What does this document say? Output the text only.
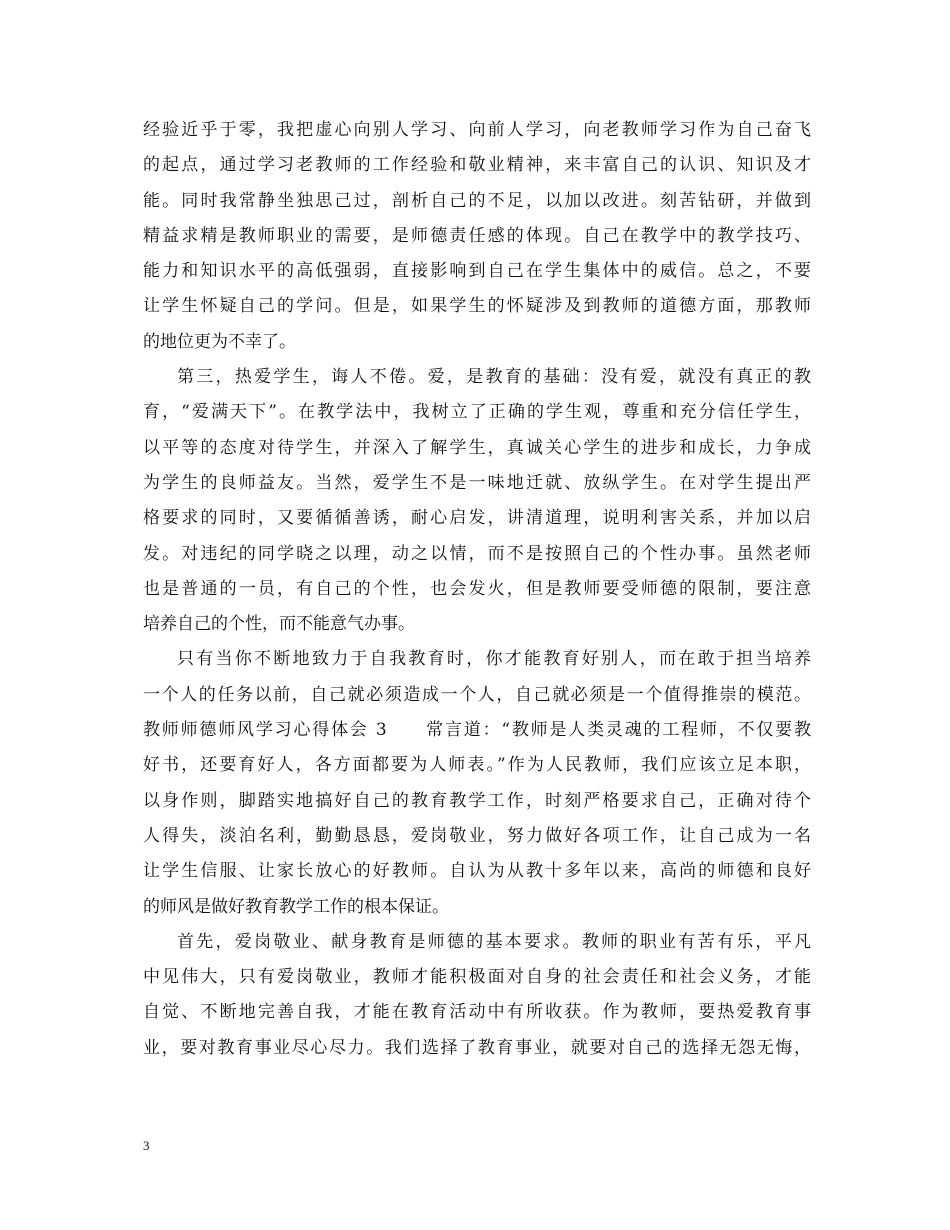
经验近乎于零，我把虚心向别人学习、向前人学习，向老教师学习作为自己奋飞
的起点，通过学习老教师的工作经验和敬业精神，来丰富自己的认识、知识及才
能。同时我常静坐独思己过，剖析自己的不足，以加以改进。刻苦钻研，并做到
精益求精是教师职业的需要，是师德责任感的体现。自己在教学中的教学技巧、
能力和知识水平的高低强弱，直接影响到自己在学生集体中的威信。总之，不要
让学生怀疑自己的学问。但是，如果学生的怀疑涉及到教师的道德方面，那教师
的地位更为不幸了。
第三，热爱学生，诲人不倦。爱，是教育的基础：没有爱，就没有真正的教
育，“爱满天下”。在教学法中，我树立了正确的学生观，尊重和充分信任学生，
以平等的态度对待学生，并深入了解学生，真诚关心学生的进步和成长，力争成
为学生的良师益友。当然，爱学生不是一味地迁就、放纵学生。在对学生提出严
格要求的同时，又要循循善诱，耐心启发，讲清道理，说明利害关系，并加以启
发。对违纪的同学晓之以理，动之以情，而不是按照自己的个性办事。虽然老师
也是普通的一员，有自己的个性，也会发火，但是教师要受师德的限制，要注意
培养自己的个性，而不能意气办事。
只有当你不断地致力于自我教育时，你才能教育好别人，而在敢于担当培养
一个人的任务以前，自己就必须造成一个人，自己就必须是一个值得推崇的模范。
教师师德师风学习心得体会 3　　常言道：“教师是人类灵魂的工程师，不仅要教
好书，还要育好人，各方面都要为人师表。”作为人民教师，我们应该立足本职，
以身作则，脚踏实地搞好自己的教育教学工作，时刻严格要求自己，正确对待个
人得失，淡泊名利，勤勤恳恳，爱岗敬业，努力做好各项工作，让自己成为一名
让学生信服、让家长放心的好教师。自认为从教十多年以来，高尚的师德和良好
的师风是做好教育教学工作的根本保证。
首先，爱岗敬业、献身教育是师德的基本要求。教师的职业有苦有乐，平凡
中见伟大，只有爱岗敬业，教师才能积极面对自身的社会责任和社会义务，才能
自觉、不断地完善自我，才能在教育活动中有所收获。作为教师，要热爱教育事
业，要对教育事业尽心尽力。我们选择了教育事业，就要对自己的选择无怨无悔，
3
